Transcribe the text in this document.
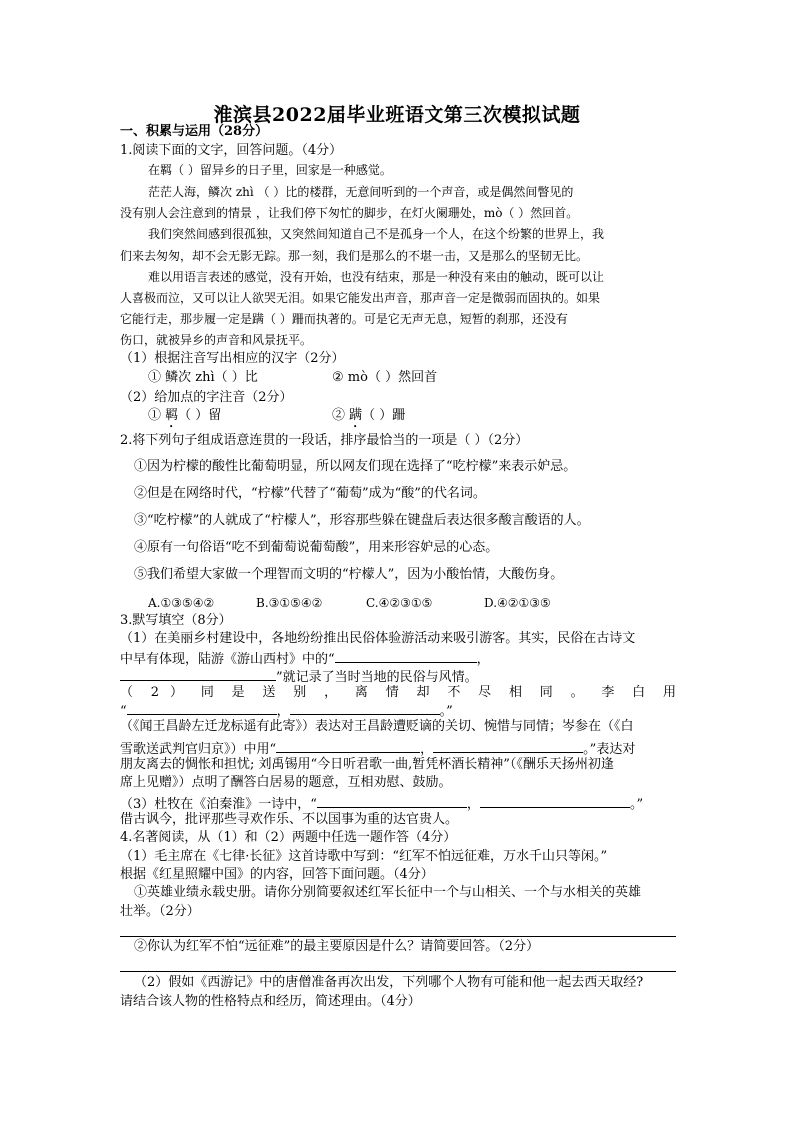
淮滨县2022届毕业班语文第三次模拟试题
一、积累与运用（28分）
1.阅读下面的文字，回答问题。（4分）
在羁（ ）留异乡的日子里，回家是一种感觉。
茫茫人海，鳞次 zhì （ ）比的楼群，无意间听到的一个声音，或是偶然间瞥见的
没有别人会注意到的情景 ，让我们停下匆忙的脚步，在灯火阑珊处，mò（ ）然回首。
我们突然间感到很孤独，又突然间知道自己不是孤身一个人，在这个纷繁的世界上，我
们来去匆匆，却不会无影无踪。那一刻，我们是那么的不堪一击，又是那么的坚韧无比。
难以用语言表述的感觉，没有开始，也没有结束，那是一种没有来由的触动，既可以让
人喜极而泣，又可以让人欲哭无泪。如果它能发出声音，那声音一定是微弱而固执的。如果
它能行走，那步履一定是蹒（ ）跚而执著的。可是它无声无息，短暂的刹那，还没有
伤口，就被异乡的声音和风景抚平。
（1）根据注音写出相应的汉字（2分）
① 鳞次 zhì（ ）比	② mò（ ）然回首
（2）给加点的字注音（2分）
① 羁（ ）留	② 蹒（ ）跚
2.将下列句子组成语意连贯的一段话，排序最恰当的一项是（ ）（2分）
①因为柠檬的酸性比葡萄明显，所以网友们现在选择了“吃柠檬”来表示妒忌。
②但是在网络时代，“柠檬”代替了“葡萄”成为“酸”的代名词。
③“吃柠檬”的人就成了“柠檬人”，形容那些躲在键盘后表达很多酸言酸语的人。
④原有一句俗语“吃不到葡萄说葡萄酸”，用来形容妒忌的心态。
⑤我们希望大家做一个理智而文明的“柠檬人”，因为小酸怡情，大酸伤身。
A.①③⑤④②	B.③①⑤④②	C.④②③①⑤	D.④②①③⑤
3.默写填空（8分）
（1）在美丽乡村建设中，各地纷纷推出民俗体验游活动来吸引游客。其实，民俗在古诗文
中早有体现，陆游《游山西村》中的“	，
”就记录了当时当地的民俗与风情。
（ 2 ） 同 是 送 别 ， 离 情 却 不 尽 相 同 。 李 白 用
“	，	。”
（《闻王昌龄左迁龙标遥有此寄》）表达对王昌龄遭贬谪的关切、惋惜与同情；岑参在（《白
雪歌送武判官归京》）中用“	，	。”表达对
朋友离去的惆怅和担忧; 刘禹锡用“今日听君歌一曲,暂凭杯酒长精神”（《酬乐天扬州初逢
席上见赠》）点明了酬答白居易的题意，互相劝慰、鼓励。
（3）杜牧在《泊秦淮》一诗中，“	，	。”
借古讽今，批评那些寻欢作乐、不以国事为重的达官贵人。
4.名著阅读，从（1）和（2）两题中任选一题作答（4分）
（1）毛主席在《七律·长征》这首诗歌中写到：“红军不怕远征难，万水千山只等闲。”
根据《红星照耀中国》的内容，回答下面问题。（4分）
①英雄业绩永载史册。请你分别简要叙述红军长征中一个与山相关、一个与水相关的英雄
壮举。（2分）
②你认为红军不怕“远征难”的最主要原因是什么？请简要回答。（2分）
（2）假如《西游记》中的唐僧准备再次出发，下列哪个人物有可能和他一起去西天取经?
请结合该人物的性格特点和经历，简述理由。（4分）
